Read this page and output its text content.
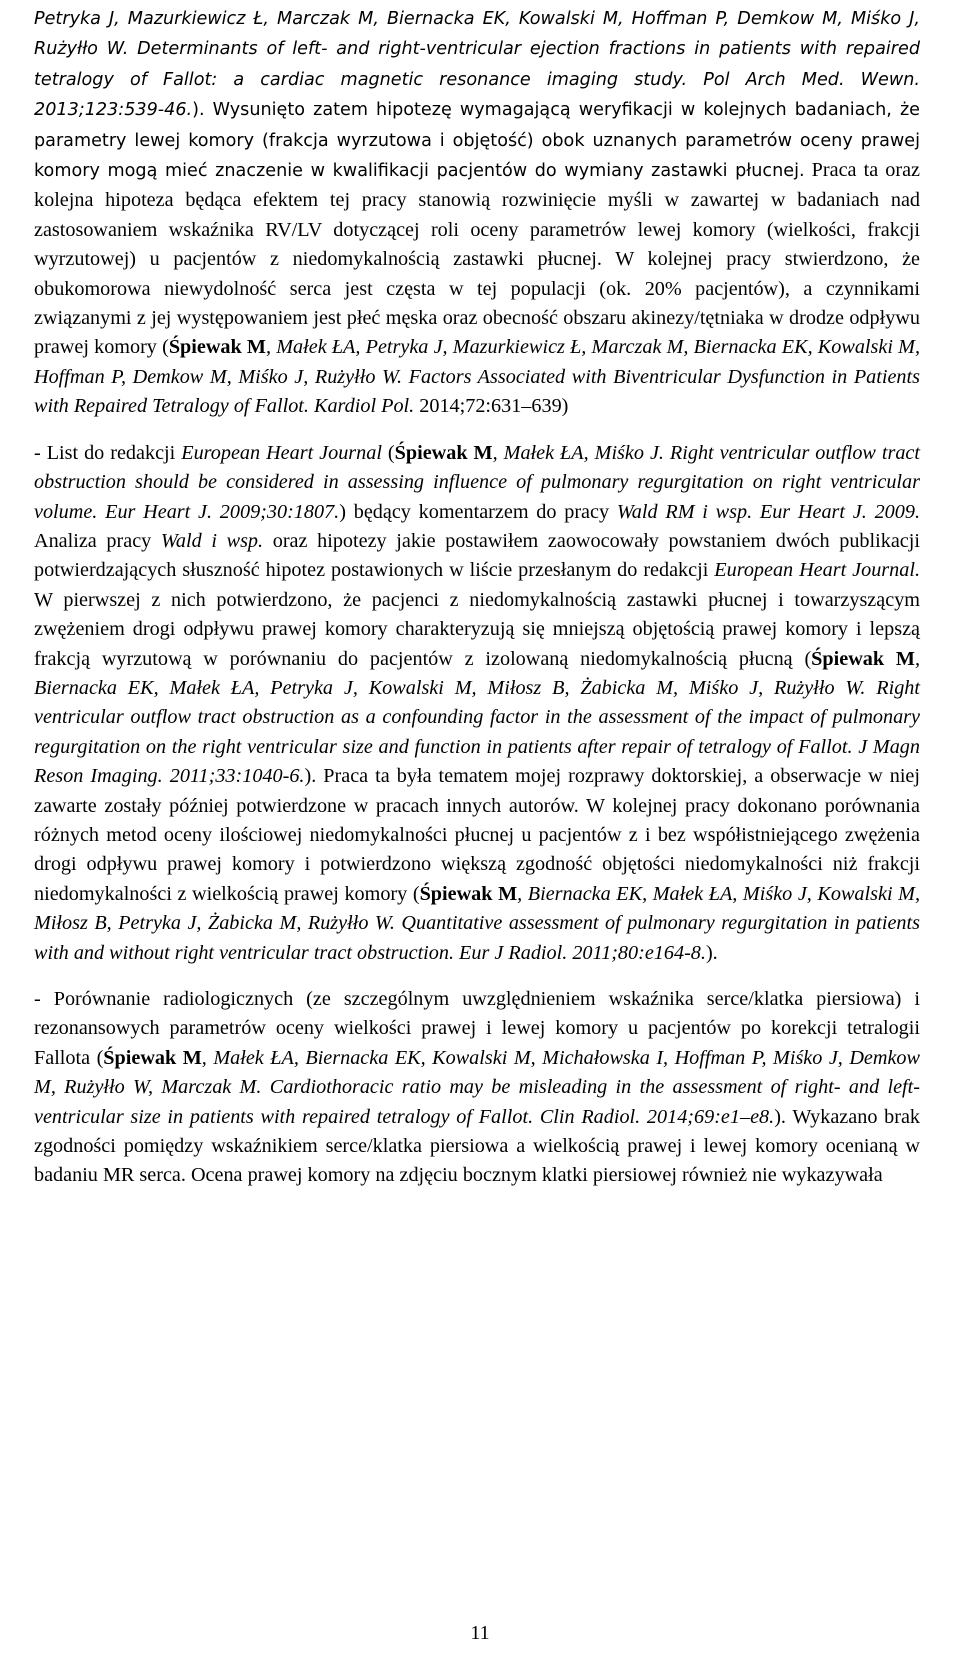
Petryka J, Mazurkiewicz Ł, Marczak M, Biernacka EK, Kowalski M, Hoffman P, Demkow M, Miśko J, Rużyłło W. Determinants of left- and right-ventricular ejection fractions in patients with repaired tetralogy of Fallot: a cardiac magnetic resonance imaging study. Pol Arch Med. Wewn. 2013;123:539-46.). Wysunięto zatem hipotezę wymagającą weryfikacji w kolejnych badaniach, że parametry lewej komory (frakcja wyrzutowa i objętość) obok uznanych parametrów oceny prawej komory mogą mieć znaczenie w kwalifikacji pacjentów do wymiany zastawki płucnej. Praca ta oraz kolejna hipoteza będąca efektem tej pracy stanowią rozwinięcie myśli w zawartej w badaniach nad zastosowaniem wskaźnika RV/LV dotyczącej roli oceny parametrów lewej komory (wielkości, frakcji wyrzutowej) u pacjentów z niedomykalnością zastawki płucnej. W kolejnej pracy stwierdzono, że obukomorowa niewydolność serca jest częsta w tej populacji (ok. 20% pacjentów), a czynnikami związanymi z jej występowaniem jest płeć męska oraz obecność obszaru akinezy/tętniaka w drodze odpływu prawej komory (Śpiewak M, Małek ŁA, Petryka J, Mazurkiewicz Ł, Marczak M, Biernacka EK, Kowalski M, Hoffman P, Demkow M, Miśko J, Rużyłło W. Factors Associated with Biventricular Dysfunction in Patients with Repaired Tetralogy of Fallot. Kardiol Pol. 2014;72:631–639)

- List do redakcji European Heart Journal (Śpiewak M, Małek ŁA, Miśko J. Right ventricular outflow tract obstruction should be considered in assessing influence of pulmonary regurgitation on right ventricular volume. Eur Heart J. 2009;30:1807.) będący komentarzem do pracy Wald RM i wsp. Eur Heart J. 2009. Analiza pracy Wald i wsp. oraz hipotezy jakie postawiłem zaowocowały powstaniem dwóch publikacji potwierdzających słuszność hipotez postawionych w liście przesłanym do redakcji European Heart Journal. W pierwszej z nich potwierdzono, że pacjenci z niedomykalnością zastawki płucnej i towarzyszącym zwężeniem drogi odpływu prawej komory charakteryzują się mniejszą objętością prawej komory i lepszą frakcją wyrzutową w porównaniu do pacjentów z izolowaną niedomykalnością płucną (Śpiewak M, Biernacka EK, Małek ŁA, Petryka J, Kowalski M, Miłosz B, Żabicka M, Miśko J, Rużyłło W. Right ventricular outflow tract obstruction as a confounding factor in the assessment of the impact of pulmonary regurgitation on the right ventricular size and function in patients after repair of tetralogy of Fallot. J Magn Reson Imaging. 2011;33:1040-6.). Praca ta była tematem mojej rozprawy doktorskiej, a obserwacje w niej zawarte zostały później potwierdzone w pracach innych autorów. W kolejnej pracy dokonano porównania różnych metod oceny ilościowej niedomykalności płucnej u pacjentów z i bez współistniejącego zwężenia drogi odpływu prawej komory i potwierdzono większą zgodność objętości niedomykalności niż frakcji niedomykalności z wielkością prawej komory (Śpiewak M, Biernacka EK, Małek ŁA, Miśko J, Kowalski M, Miłosz B, Petryka J, Żabicka M, Rużyłło W. Quantitative assessment of pulmonary regurgitation in patients with and without right ventricular tract obstruction. Eur J Radiol. 2011;80:e164-8.).

- Porównanie radiologicznych (ze szczególnym uwzględnieniem wskaźnika serce/klatka piersiowa) i rezonansowych parametrów oceny wielkości prawej i lewej komory u pacjentów po korekcji tetralogii Fallota (Śpiewak M, Małek ŁA, Biernacka EK, Kowalski M, Michałowska I, Hoffman P, Miśko J, Demkow M, Rużyłło W, Marczak M. Cardiothoracic ratio may be misleading in the assessment of right- and left-ventricular size in patients with repaired tetralogy of Fallot. Clin Radiol. 2014;69:e1–e8.). Wykazano brak zgodności pomiędzy wskaźnikiem serce/klatka piersiowa a wielkością prawej i lewej komory ocenianą w badaniu MR serca. Ocena prawej komory na zdjęciu bocznym klatki piersiowej również nie wykazywała

11
